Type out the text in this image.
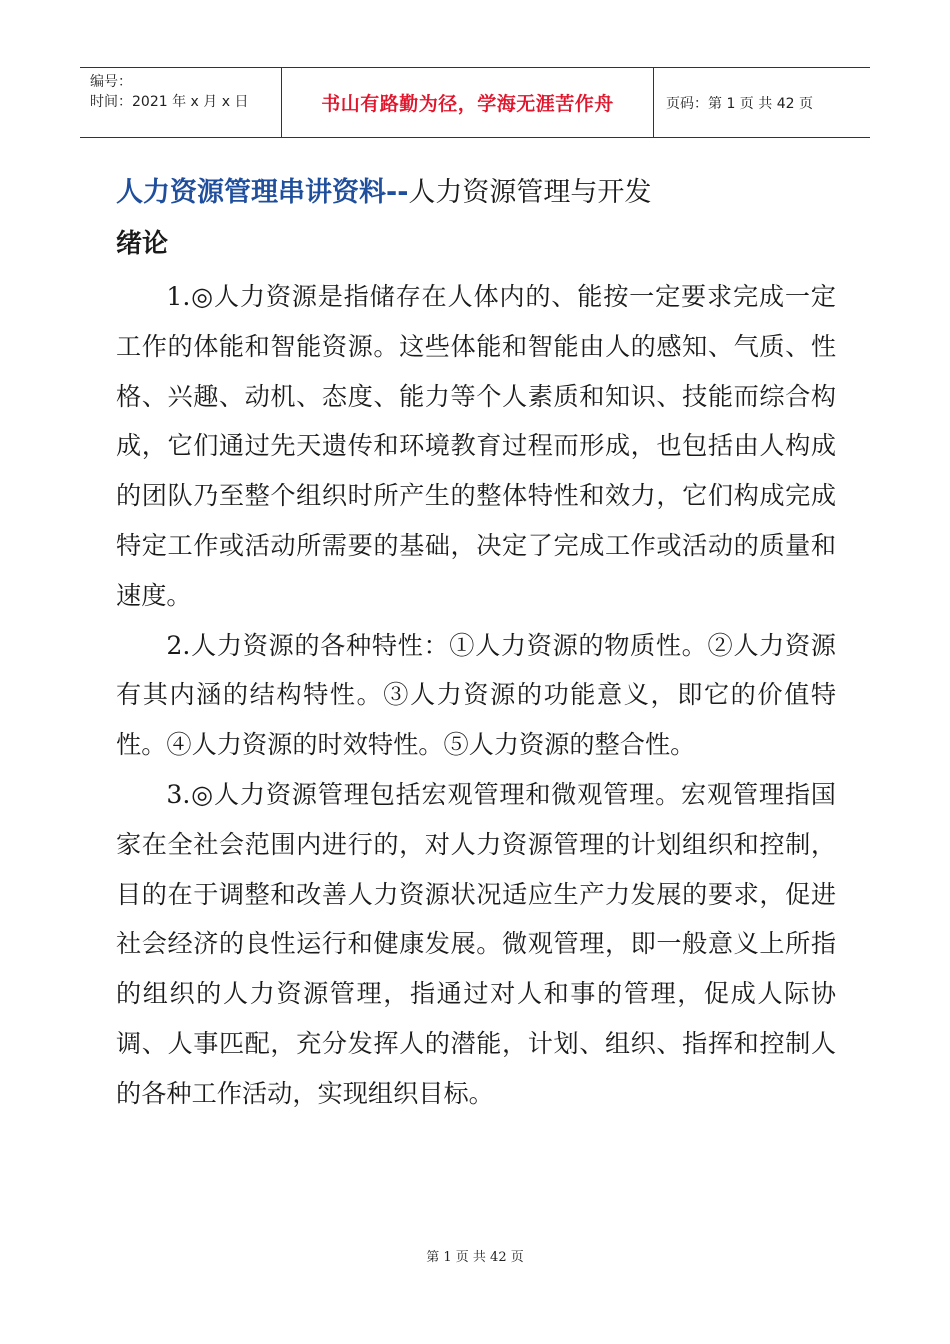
编号：
时间：2021 年 x 月 x 日	书山有路勤为径，学海无涯苦作舟	页码：第 1 页 共 42 页
人力资源管理串讲资料--人力资源管理与开发
绪论

1.◎人力资源是指储存在人体内的、能按一定要求完成一定工作的体能和智能资源。这些体能和智能由人的感知、气质、性格、兴趣、动机、态度、能力等个人素质和知识、技能而综合构成，它们通过先天遗传和环境教育过程而形成，也包括由人构成的团队乃至整个组织时所产生的整体特性和效力，它们构成完成特定工作或活动所需要的基础，决定了完成工作或活动的质量和速度。

2.人力资源的各种特性：①人力资源的物质性。②人力资源有其内涵的结构特性。③人力资源的功能意义，即它的价值特性。④人力资源的时效特性。⑤人力资源的整合性。

3.◎人力资源管理包括宏观管理和微观管理。宏观管理指国家在全社会范围内进行的，对人力资源管理的计划组织和控制，目的在于调整和改善人力资源状况适应生产力发展的要求，促进社会经济的良性运行和健康发展。微观管理，即一般意义上所指的组织的人力资源管理，指通过对人和事的管理，促成人际协调、人事匹配，充分发挥人的潜能，计划、组织、指挥和控制人的各种工作活动，实现组织目标。

第 1 页 共 42 页
